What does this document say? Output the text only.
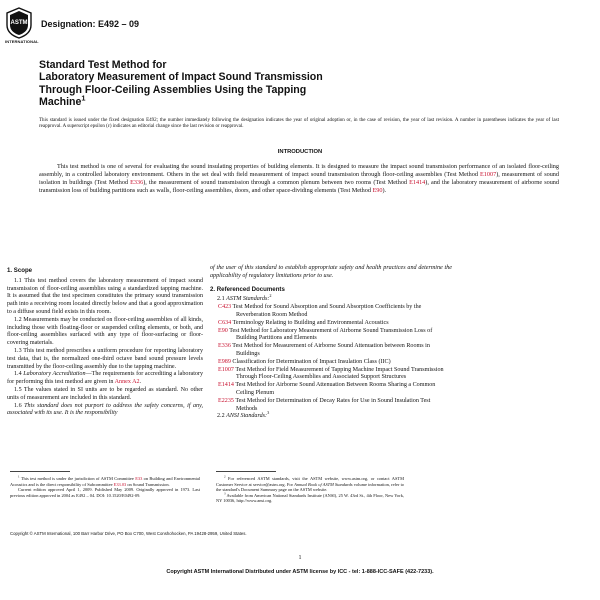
ASTM
INTERNATIONAL
Designation: E492 – 09
Standard Test Method for
Laboratory Measurement of Impact Sound Transmission
Through Floor-Ceiling Assemblies Using the Tapping
Machine$^1$
This standard is issued under the fixed designation E492; the number immediately following the designation indicates the year of original adoption or, in the case of revision, the year of last revision. A number in parentheses indicates the year of last reapproval. A superscript epsilon (ε) indicates an editorial change since the last revision or reapproval.
INTRODUCTION

This test method is one of several for evaluating the sound insulating properties of building elements. It is designed to measure the impact sound transmission performance of an isolated floor-ceiling assembly, in a controlled laboratory environment. Others in the set deal with field measurement of impact sound transmission through floor-ceiling assemblies (Test Method E1007), measurement of sound isolation in buildings (Test Method E336), the measurement of sound transmission through a common plenum between two rooms (Test Method E1414), and the laboratory measurement of airborne sound transmission loss of building partitions such as walls, floor-ceiling assemblies, doors, and other space-dividing elements (Test Method E90).

1. Scope

1.1 This test method covers the laboratory measurement of impact sound transmission of floor-ceiling assemblies using a standardized tapping machine. It is assumed that the test specimen constitutes the primary sound transmission path into a receiving room located directly below and that a good approximation to a diffuse sound field exists in this room.

1.2 Measurements may be conducted on floor-ceiling assemblies of all kinds, including those with floating-floor or suspended ceiling elements, or both, and floor-ceiling assemblies surfaced with any type of floor-surfacing or floor-covering materials.

1.3 This test method prescribes a uniform procedure for reporting laboratory test data, that is, the normalized one-third octave band sound pressure levels transmitted by the floor-ceiling assembly due to the tapping machine.

1.4 Laboratory Accreditation—The requirements for accrediting a laboratory for performing this test method are given in Annex A2.

1.5 The values stated in SI units are to be regarded as standard. No other units of measurement are included in this standard.

1.6 This standard does not purport to address the safety concerns, if any, associated with its use. It is the responsibility

of the user of this standard to establish appropriate safety and health practices and determine the applicability of regulatory limitations prior to use.

2. Referenced Documents

2.1 ASTM Standards:$^2$

C423 Test Method for Sound Absorption and Sound Absorption Coefficients by the Reverberation Room Method
C634 Terminology Relating to Building and Environmental Acoustics
E90 Test Method for Laboratory Measurement of Airborne Sound Transmission Loss of Building Partitions and Elements
E336 Test Method for Measurement of Airborne Sound Attenuation between Rooms in Buildings
E989 Classification for Determination of Impact Insulation Class (IIC)
E1007 Test Method for Field Measurement of Tapping Machine Impact Sound Transmission Through Floor-Ceiling Assemblies and Associated Support Structures
E1414 Test Method for Airborne Sound Attenuation Between Rooms Sharing a Common Ceiling Plenum
E2235 Test Method for Determination of Decay Rates for Use in Sound Insulation Test Methods

2.2 ANSI Standards:$^3$

$^1$ This test method is under the jurisdiction of ASTM Committee E33 on Building and Environmental Acoustics and is the direct responsibility of Subcommittee E33.03 on Sound Transmission.
Current edition approved April 1, 2009. Published May 2009. Originally approved in 1973. Last previous edition approved in 2004 as E492 – 04. DOI: 10.1520/E0492-09.
$^2$ For referenced ASTM standards, visit the ASTM website, www.astm.org, or contact ASTM Customer Service at service@astm.org. For Annual Book of ASTM Standards volume information, refer to the standard's Document Summary page on the ASTM website.
$^3$ Available from American National Standards Institute (ANSI), 25 W. 43rd St., 4th Floor, New York, NY 10036, http://www.ansi.org.
Copyright © ASTM International, 100 Barr Harbor Drive, PO Box C700, West Conshohocken, PA 19428-2959, United States.
1
Copyright ASTM International Distributed under ASTM license by ICC - tel: 1-888-ICC-SAFE (422-7233).
